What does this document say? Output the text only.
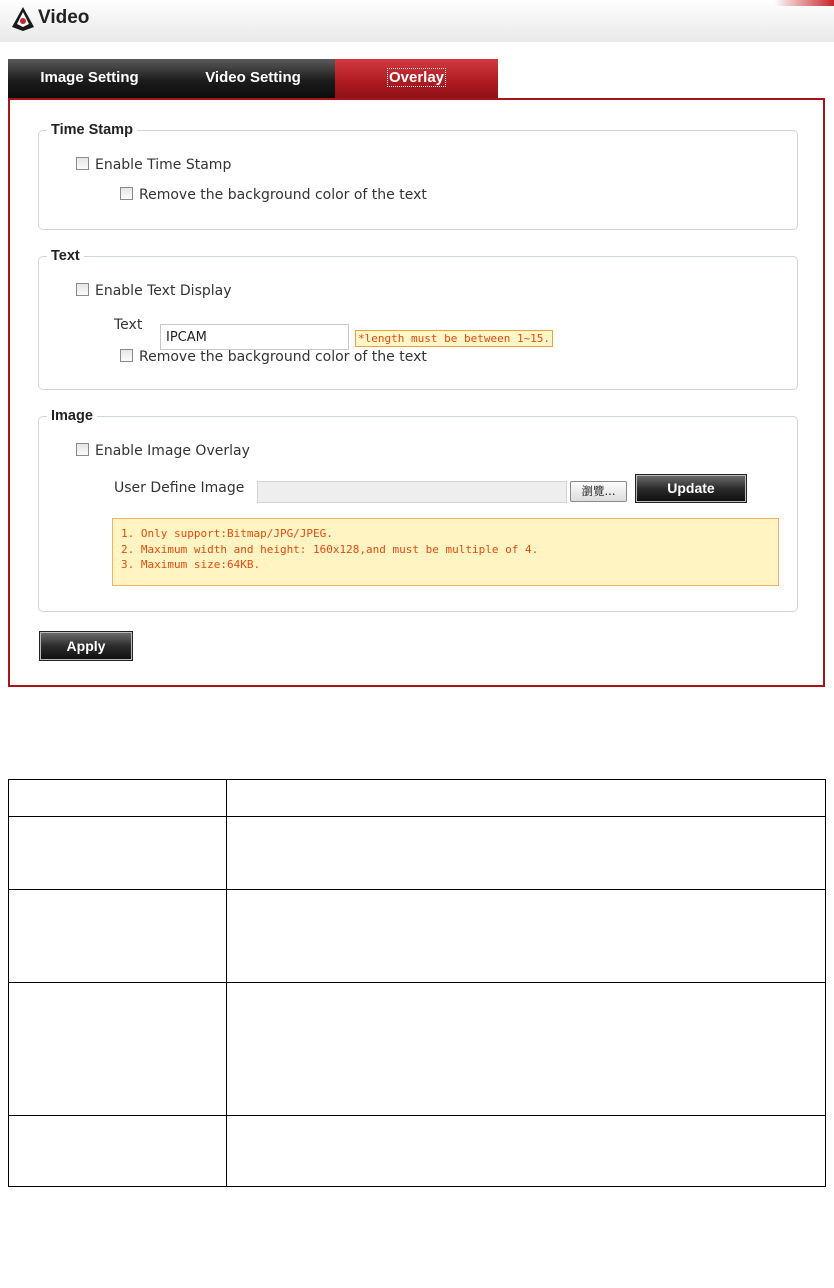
Video
Image Setting	Video Setting	Overlay
Time Stamp
Enable Time Stamp
Remove the background color of the text
Text
Enable Text Display
Text
IPCAM
*length must be between 1~15.
Remove the background color of the text
Image
Enable Image Overlay
User Define Image	瀏覽...	Update
1. Only support:Bitmap/JPG/JPEG.
2. Maximum width and height: 160x128,and must be multiple of 4.
3. Maximum size:64KB.
Apply
